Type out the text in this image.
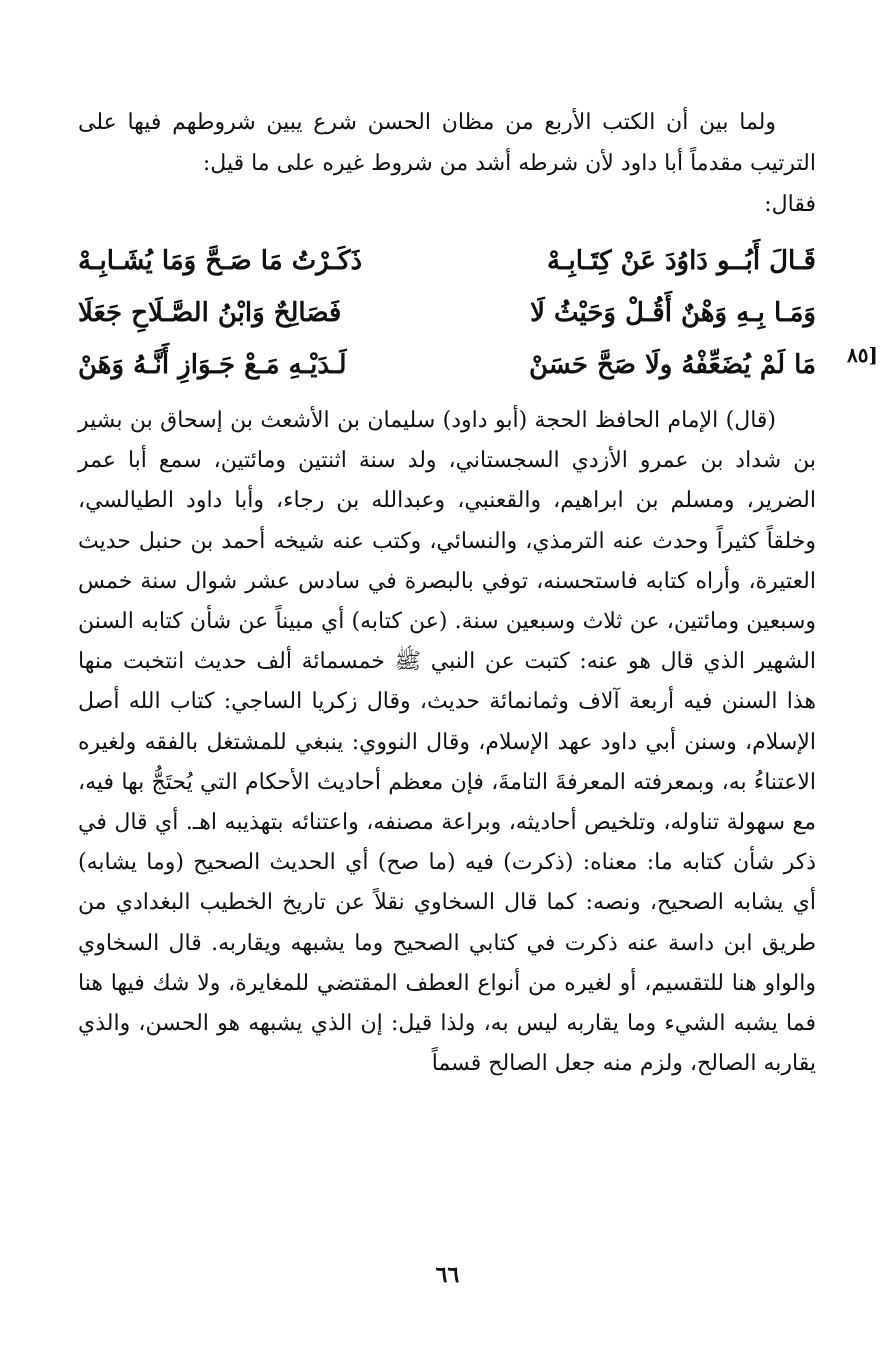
ولما بين أن الكتب الأربع من مظان الحسن شرع يبين شروطهم فيها على الترتيب مقدماً أبا داود لأن شرطه أشد من شروط غيره على ما قيل:

فقال:

قَـالَ أَبُــو دَاوُدَ عَنْ كِتَـابِـهْ
ذَكَـرْتُ مَا صَـحَّ وَمَا يُشَـابِـهْ
وَمَـا بِـهِ وَهْنٌ أَقُـلْ وَحَيْثُ لَا
فَصَالِحٌ وَابْنُ الصَّـلَاحِ جَعَلَا
مَا لَمْ يُضَعِّفْهُ ولَا صَحَّ حَسَنْ
لَـدَيْـهِ مَـعْ جَـوَازِ أَنَّـهُ وَهَنْ	[٨٥

(قال) الإمام الحافظ الحجة (أبو داود) سليمان بن الأشعث بن إسحاق بن بشير بن شداد بن عمرو الأزدي السجستاني، ولد سنة اثنتين ومائتين، سمع أبا عمر الضرير، ومسلم بن ابراهيم، والقعنبي، وعبدالله بن رجاء، وأبا داود الطيالسي، وخلقاً كثيراً وحدث عنه الترمذي، والنسائي، وكتب عنه شيخه أحمد بن حنبل حديث العتيرة، وأراه كتابه فاستحسنه، توفي بالبصرة في سادس عشر شوال سنة خمس وسبعين ومائتين، عن ثلاث وسبعين سنة. (عن كتابه) أي مبيناً عن شأن كتابه السنن الشهير الذي قال هو عنه: كتبت عن النبي ﷺ خمسمائة ألف حديث انتخبت منها هذا السنن فيه أربعة آلاف وثمانمائة حديث، وقال زكريا الساجي: كتاب الله أصل الإسلام، وسنن أبي داود عهد الإسلام، وقال النووي: ينبغي للمشتغل بالفقه ولغيره الاعتناءُ به، وبمعرفته المعرفةَ التامةَ، فإن معظم أحاديث الأحكام التي يُحتَجُّ بها فيه، مع سهولة تناوله، وتلخيص أحاديثه، وبراعة مصنفه، واعتنائه بتهذيبه اهـ. أي قال في ذكر شأن كتابه ما: معناه: (ذكرت) فيه (ما صح) أي الحديث الصحيح (وما يشابه) أي يشابه الصحيح، ونصه: كما قال السخاوي نقلاً عن تاريخ الخطيب البغدادي من طريق ابن داسة عنه ذكرت في كتابي الصحيح وما يشبهه ويقاربه. قال السخاوي والواو هنا للتقسيم، أو لغيره من أنواع العطف المقتضي للمغايرة، ولا شك فيها هنا فما يشبه الشيء وما يقاربه ليس به، ولذا قيل: إن الذي يشبهه هو الحسن، والذي يقاربه الصالح، ولزم منه جعل الصالح قسماً

٦٦
